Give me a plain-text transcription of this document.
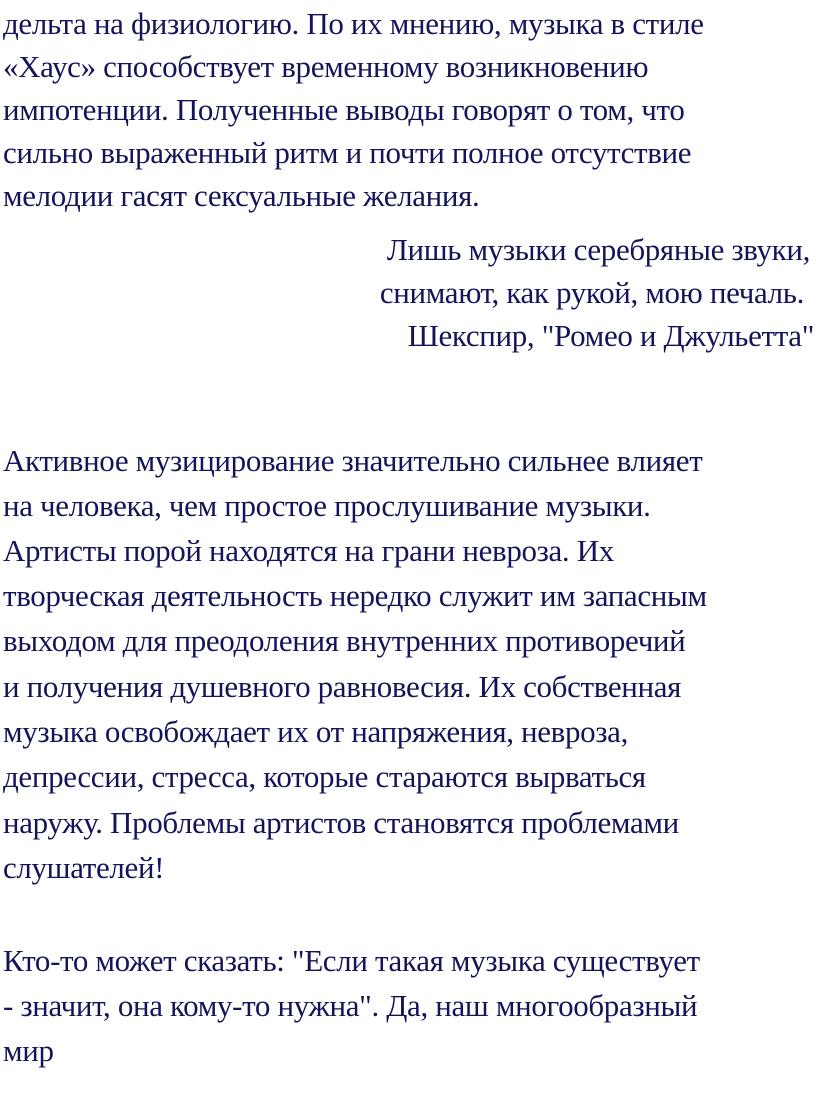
дельта на физиологию. По их мнению, музыка в стиле
«Хаус» способствует временному возникновению
импотенции. Полученные выводы говорят о том, что
сильно выраженный ритм и почти полное отсутствие
мелодии гасят сексуальные желания.
Лишь музыки серебряные звуки,
снимают, как рукой, мою печаль.
Шекспир, "Ромео и Джульетта"
Активное музицирование значительно сильнее влияет
на человека, чем простое прослушивание музыки.
Артисты порой находятся на грани невроза. Их
творческая деятельность нередко служит им запасным
выходом для преодоления внутренних противоречий
и получения душевного равновесия. Их собственная
музыка освобождает их от напряжения, невроза,
депрессии, стресса, которые стараются вырваться
наружу. Проблемы артистов становятся проблемами
слушателей!
Кто-то может сказать: "Если такая музыка существует
- значит, она кому-то нужна". Да, наш многообразный
мир
